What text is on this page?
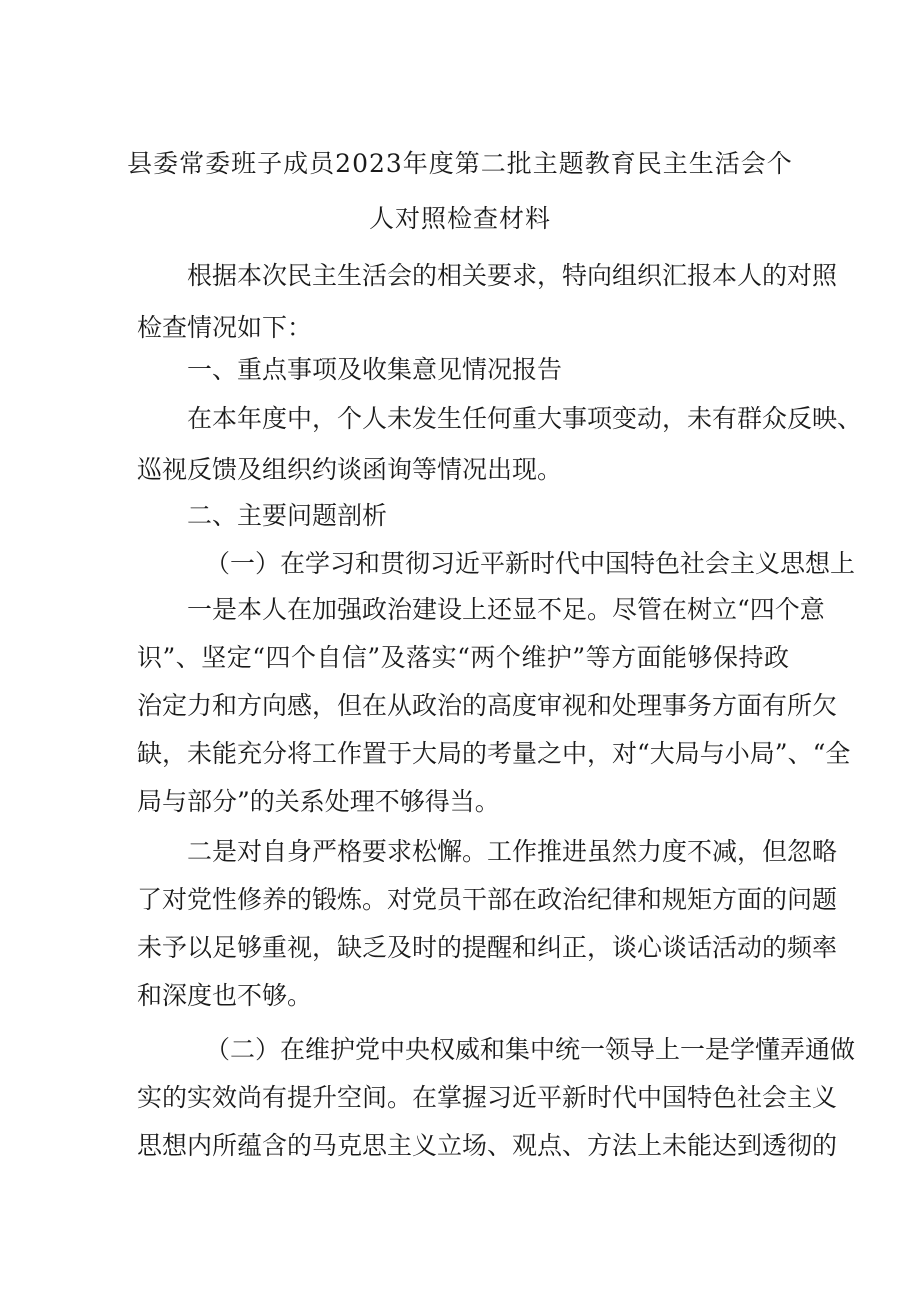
县委常委班子成员2023年度第二批主题教育民主生活会个
人对照检查材料
根据本次民主生活会的相关要求，特向组织汇报本人的对照
检查情况如下：
一、重点事项及收集意见情况报告
在本年度中，个人未发生任何重大事项变动，未有群众反映、
巡视反馈及组织约谈函询等情况出现。
二、主要问题剖析
（一）在学习和贯彻习近平新时代中国特色社会主义思想上
一是本人在加强政治建设上还显不足。尽管在树立“四个意
识”、坚定“四个自信”及落实“两个维护”等方面能够保持政
治定力和方向感，但在从政治的高度审视和处理事务方面有所欠
缺，未能充分将工作置于大局的考量之中，对“大局与小局”、“全
局与部分”的关系处理不够得当。
二是对自身严格要求松懈。工作推进虽然力度不减，但忽略
了对党性修养的锻炼。对党员干部在政治纪律和规矩方面的问题
未予以足够重视，缺乏及时的提醒和纠正，谈心谈话活动的频率
和深度也不够。
（二）在维护党中央权威和集中统一领导上一是学懂弄通做
实的实效尚有提升空间。在掌握习近平新时代中国特色社会主义
思想内所蕴含的马克思主义立场、观点、方法上未能达到透彻的
